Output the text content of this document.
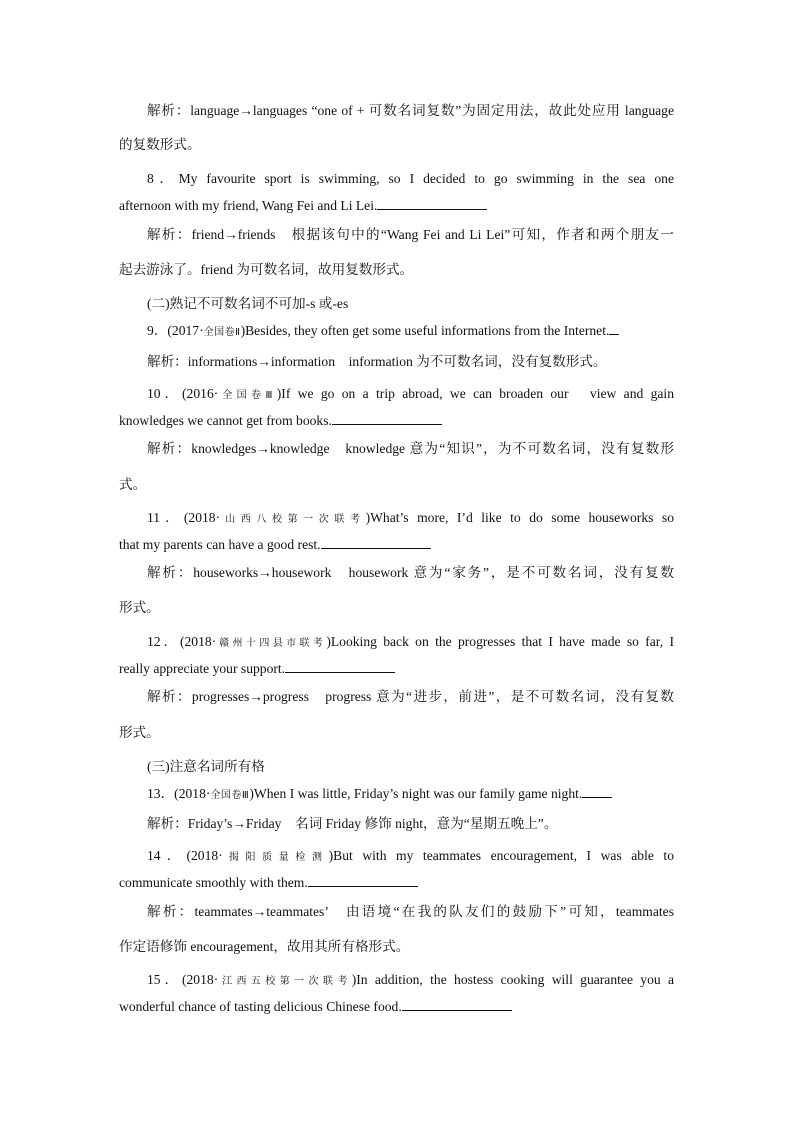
解析：language→languages “one of + 可数名词复数”为固定用法，故此处应用 language
的复数形式。
8．My favourite sport is swimming, so I decided to go swimming in the sea one
afternoon with my friend, Wang Fei and Li Lei.
解析：friend→friends　根据该句中的“Wang Fei and Li Lei”可知，作者和两个朋友一
起去游泳了。friend 为可数名词，故用复数形式。
(二)熟记不可数名词不可加-s 或-es
9．(2017·全国卷Ⅱ)Besides, they often get some useful informations from the Internet.
解析：informations→information　information 为不可数名词，没有复数形式。
10．(2016·全国卷Ⅲ)If we go on a trip abroad, we can broaden our　view and gain
knowledges we cannot get from books.
解析：knowledges→knowledge　knowledge 意为“知识”，为不可数名词，没有复数形
式。
11．(2018·山西八校第一次联考)What’s more, I’d like to do some houseworks so
that my parents can have a good rest.
解析：houseworks→housework　housework 意为“家务”，是不可数名词，没有复数
形式。
12．(2018·赣州十四县市联考)Looking back on the progresses that I have made so far, I
really appreciate your support.
解析：progresses→progress　progress 意为“进步，前进”，是不可数名词，没有复数
形式。
(三)注意名词所有格
13．(2018·全国卷Ⅲ)When I was little, Friday’s night was our family game night.
解析：Friday’s→Friday　名词 Friday 修饰 night，意为“星期五晚上”。
14．(2018·揭阳质量检测)But with my teammates encouragement, I was able to
communicate smoothly with them.
解析：teammates→teammates’　由语境“在我的队友们的鼓励下”可知，teammates
作定语修饰 encouragement，故用其所有格形式。
15．(2018·江西五校第一次联考)In addition, the hostess cooking will guarantee you a
wonderful chance of tasting delicious Chinese food.
